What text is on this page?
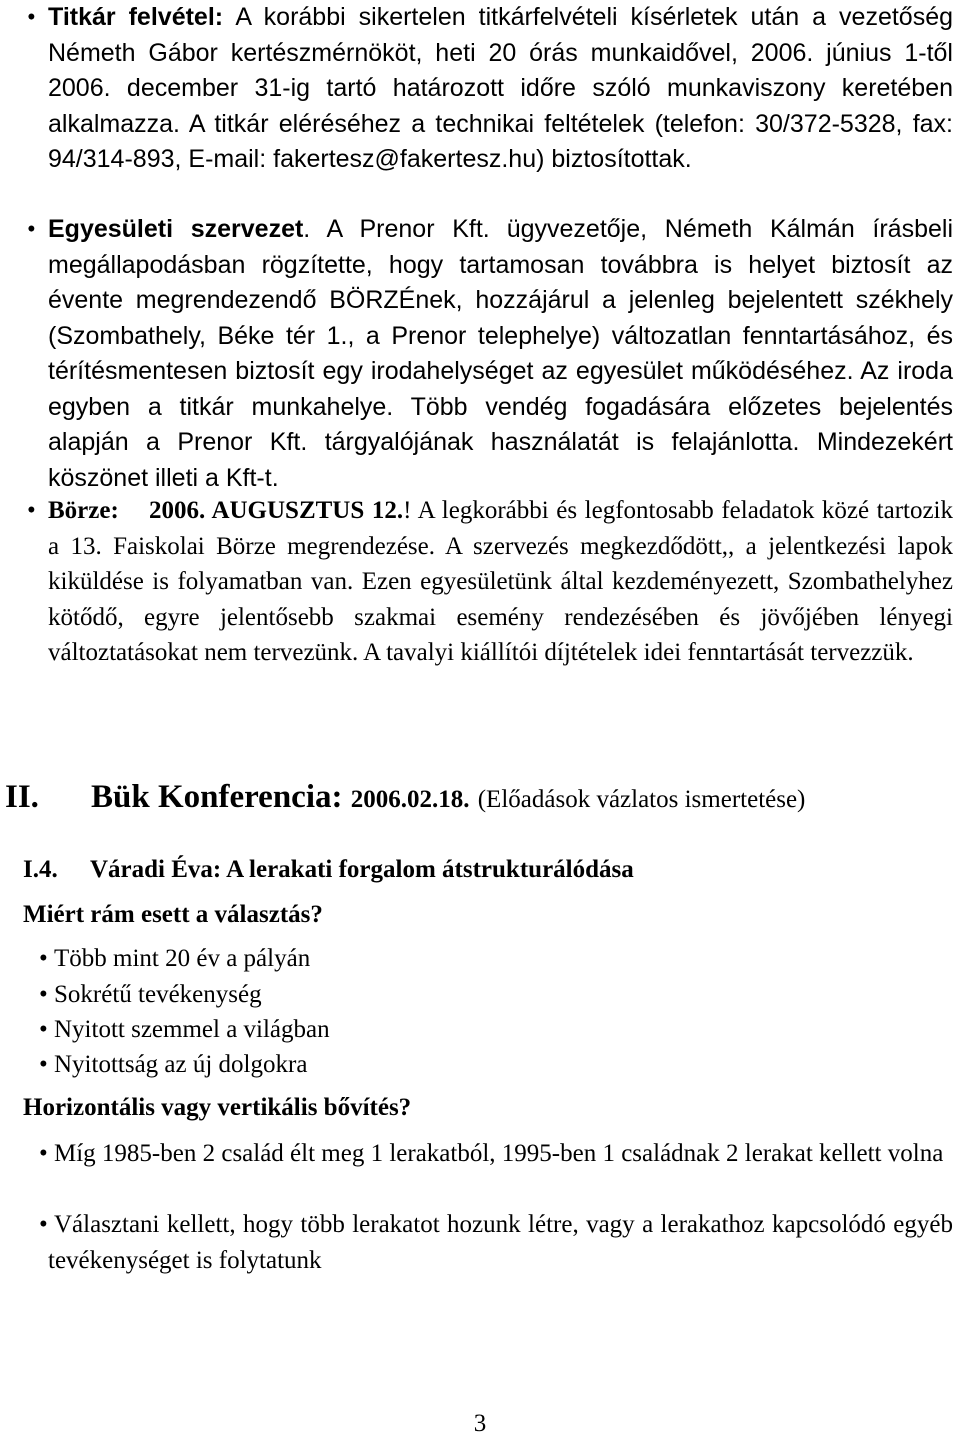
• Titkár felvétel: A korábbi sikertelen titkárfelvételi kísérletek után a vezetőség Németh Gábor kertészmérnököt, heti 20 órás munkaidővel, 2006. június 1-től 2006. december 31-ig tartó határozott időre szóló munkaviszony keretében alkalmazza. A titkár eléréséhez a technikai feltételek (telefon: 30/372-5328, fax: 94/314-893, E-mail: fakertesz@fakertesz.hu) biztosítottak.
• Egyesületi szervezet. A Prenor Kft. ügyvezetője, Németh Kálmán írásbeli megállapodásban rögzítette, hogy tartamosan továbbra is helyet biztosít az évente megrendezendő BÖRZÉnek, hozzájárul a jelenleg bejelentett székhely (Szombathely, Béke tér 1., a Prenor telephelye) változatlan fenntartásához, és térítésmentesen biztosít egy irodahelységet az egyesület működéséhez. Az iroda egyben a titkár munkahelye. Több vendég fogadására előzetes bejelentés alapján a Prenor Kft. tárgyalójának használatát is felajánlotta. Mindezekért köszönet illeti a Kft-t.
• Börze: 2006. AUGUSZTUS 12.! A legkorábbi és legfontosabb feladatok közé tartozik a 13. Faiskolai Börze megrendezése. A szervezés megkezdődött,, a jelentkezési lapok kiküldése is folyamatban van. Ezen egyesületünk által kezdeményezett, Szombathelyhez kötődő, egyre jelentősebb szakmai esemény rendezésében és jövőjében lényegi változtatásokat nem tervezünk. A tavalyi kiállítói díjtételek idei fenntartását tervezzük.
II. Bük Konferencia: 2006.02.18. (Előadások vázlatos ismertetése)
I.4. Váradi Éva: A lerakati forgalom átstrukturálódása
Miért rám esett a választás?
• Több mint 20 év a pályán
• Sokrétű tevékenység
• Nyitott szemmel a világban
• Nyitottság az új dolgokra
Horizontális vagy vertikális bővítés?
• Míg 1985-ben 2 család élt meg 1 lerakatból, 1995-ben 1 családnak 2 lerakat kellett volna
• Választani kellett, hogy több lerakatot hozunk létre, vagy a lerakathoz kapcsolódó egyéb tevékenységet is folytatunk
3
